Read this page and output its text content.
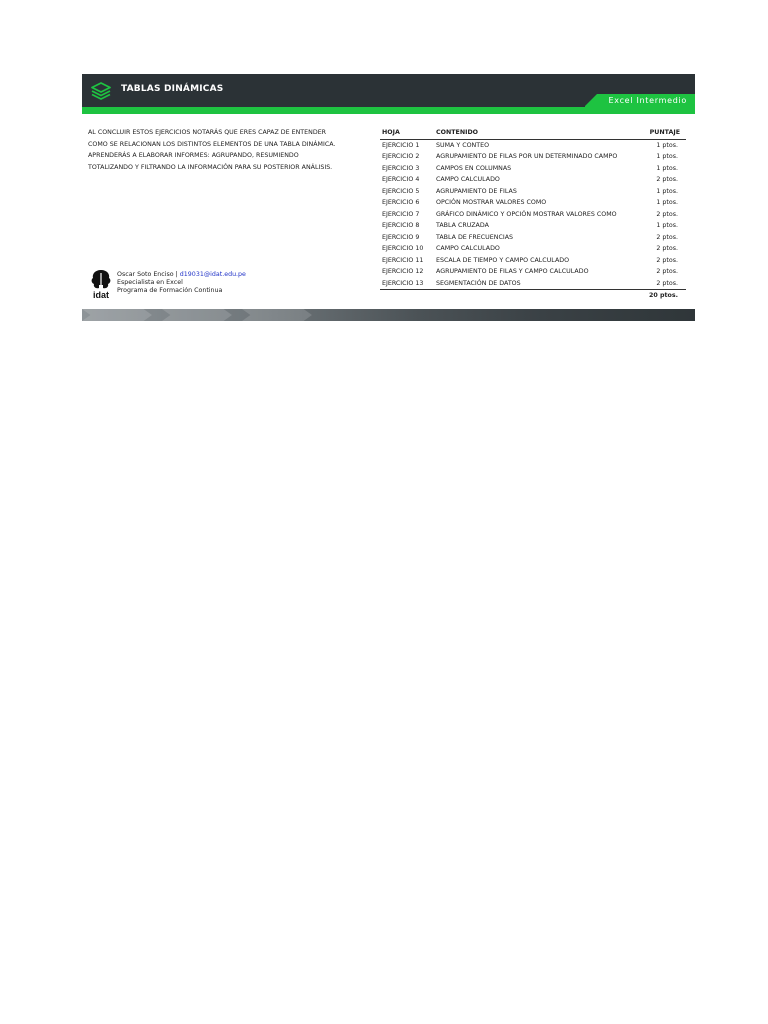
TABLAS DINÁMICAS
Excel Intermedio
AL CONCLUIR ESTOS EJERCICIOS NOTARÁS QUE ERES CAPAZ DE ENTENDER
COMO SE RELACIONAN LOS DISTINTOS ELEMENTOS DE UNA TABLA DINÁMICA.
APRENDERÁS A ELABORAR INFORMES: AGRUPANDO, RESUMIENDO
TOTALIZANDO Y FILTRANDO LA INFORMACIÓN PARA SU POSTERIOR ANÁLISIS.
idat
Oscar Soto Enciso | d19031@idat.edu.pe
Especialista en Excel
Programa de Formación Continua
HOJA	CONTENIDO	PUNTAJE
EJERCICIO 1	SUMA Y CONTEO	1 ptos.
EJERCICIO 2	AGRUPAMIENTO DE FILAS POR UN DETERMINADO CAMPO	1 ptos.
EJERCICIO 3	CAMPOS EN COLUMNAS	1 ptos.
EJERCICIO 4	CAMPO CALCULADO	2 ptos.
EJERCICIO 5	AGRUPAMIENTO DE FILAS	1 ptos.
EJERCICIO 6	OPCIÓN MOSTRAR VALORES COMO	1 ptos.
EJERCICIO 7	GRÁFICO DINÁMICO Y OPCIÓN MOSTRAR VALORES COMO	2 ptos.
EJERCICIO 8	TABLA CRUZADA	1 ptos.
EJERCICIO 9	TABLA DE FRECUENCIAS	2 ptos.
EJERCICIO 10 CAMPO CALCULADO	2 ptos.
EJERCICIO 11 ESCALA DE TIEMPO Y CAMPO CALCULADO	2 ptos.
EJERCICIO 12 AGRUPAMIENTO DE FILAS Y CAMPO CALCULADO	2 ptos.
EJERCICIO 13 SEGMENTACIÓN DE DATOS	2 ptos.
20 ptos.
